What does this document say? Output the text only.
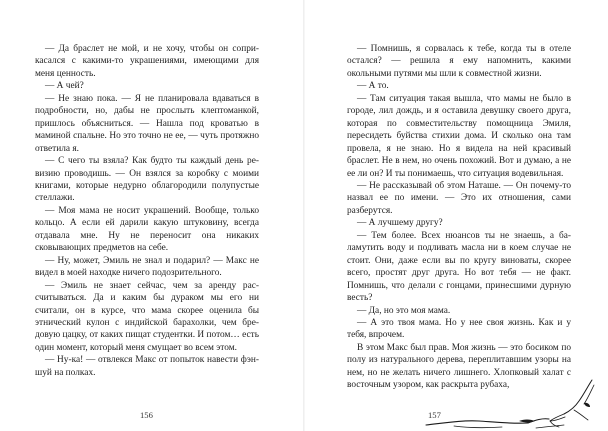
— Да браслет не мой, и не хочу, чтобы он соприкасался с какими-то украшениями, имеющими для меня ценность.

— А чей?

— Не знаю пока. — Я не планировала вдаваться в подробности, но, дабы не прослыть клептоманкой, пришлось объясниться. — Нашла под кроватью в маминой спальне. Но это точно не ее, — чуть протяжно ответила я.

— С чего ты взяла? Как будто ты каждый день ревизию проводишь. — Он взялся за коробку с моими книгами, которые недурно облагородили полупустые стеллажи.

— Моя мама не носит украшений. Вообще, только кольцо. А если ей дарили какую штуковину, всегда отдавала мне. Ну не переносит она никаких сковывающих предметов на себе.

— Ну, может, Эмиль не знал и подарил? — Макс не видел в моей находке ничего подозрительного.

— Эмиль не знает сейчас, чем за аренду рассчитываться. Да и каким бы дураком мы его ни считали, он в курсе, что мама скорее оценила бы этнический кулон с индийской барахолки, чем бредовую цацку, от каких пищат студентки. И потом… есть один момент, который меня смущает во всем этом.

— Ну-ка! — отвлекся Макс от попыток навести фэн-шуй на полках.

156

— Помнишь, я сорвалась к тебе, когда ты в отеле остался? — решила я ему напомнить, какими окольными путями мы шли к совместной жизни.

— А то.

— Там ситуация такая вышла, что мамы не было в городе, лил дождь, и я оставила девушку своего друга, которая по совместительству помощница Эмиля, пересидеть буйства стихии дома. И сколько она там провела, я не знаю. Но я видела на ней красивый браслет. Не в нем, но очень похожий. Вот и думаю, а не ее ли он? И ты понимаешь, что ситуация водевильная.

— Не рассказывай об этом Наташе. — Он почему-то назвал ее по имени. — Это их отношения, сами разберутся.

— А лучшему другу?

— Тем более. Всех нюансов ты не знаешь, а баламутить воду и подливать масла ни в коем случае не стоит. Они, даже если вы по кругу виноваты, скорее всего, простят друг друга. Но вот тебя — не факт. Помнишь, что делали с гонцами, принесшими дурную весть?

— Да, но это моя мама.

— А это твоя мама. Но у нее своя жизнь. Как и у тебя, впрочем.

В этом Макс был прав. Моя жизнь — это босиком по полу из натурального дерева, переплитавшим узоры на нем, но не желать ничего лишнего. Хлопковый халат с восточным узором, как раскрыта рубаха,

157
